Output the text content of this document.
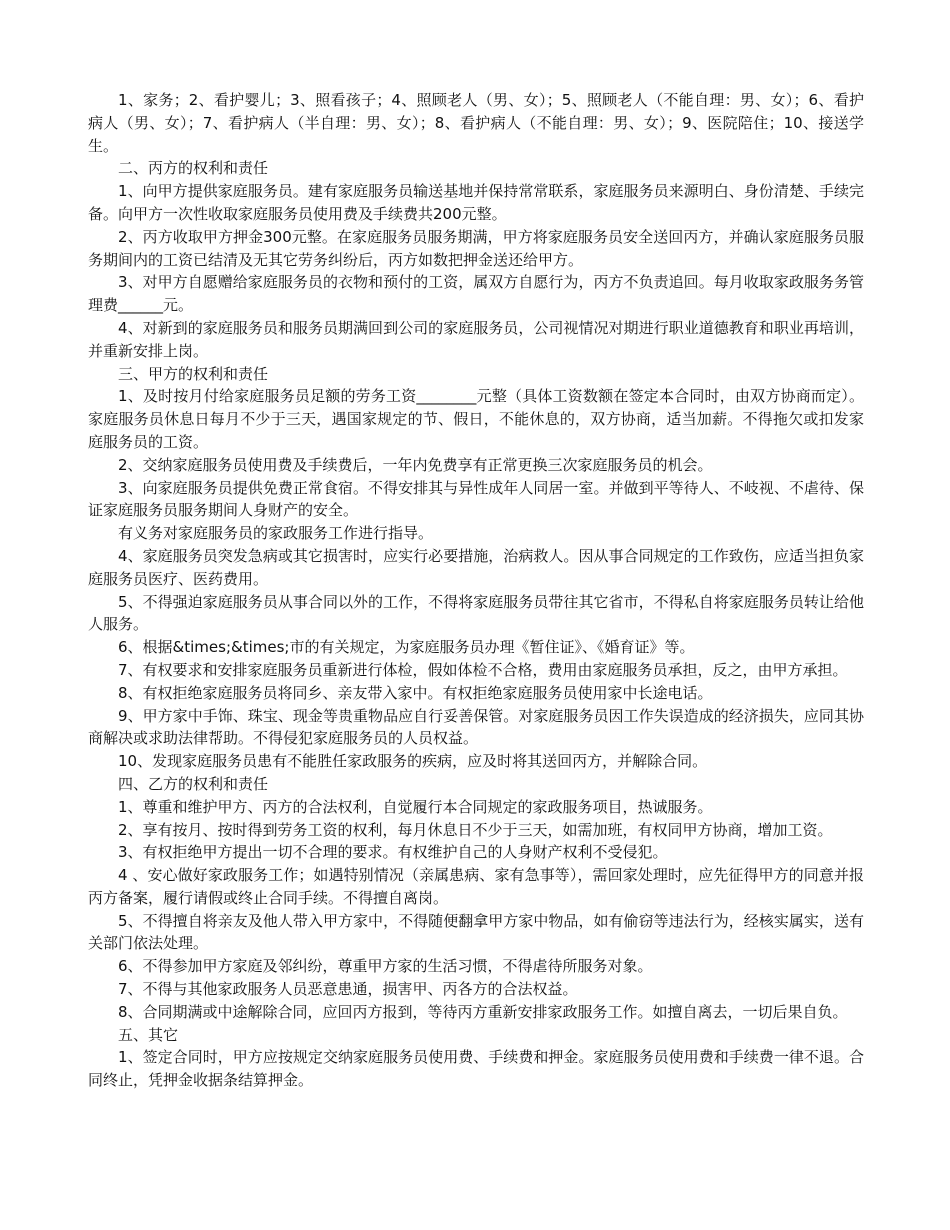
1、家务；2、看护婴儿；3、照看孩子；4、照顾老人（男、女）；5、照顾老人（不能自理：男、女）；6、看护病人（男、女）；7、看护病人（半自理：男、女）；8、看护病人（不能自理：男、女）；9、医院陪住；10、接送学生。

二、丙方的权利和责任

1、向甲方提供家庭服务员。建有家庭服务员输送基地并保持常常联系，家庭服务员来源明白、身份清楚、手续完备。向甲方一次性收取家庭服务员使用费及手续费共200元整。

2、丙方收取甲方押金300元整。在家庭服务员服务期满，甲方将家庭服务员安全送回丙方，并确认家庭服务员服务期间内的工资已结清及无其它劳务纠纷后，丙方如数把押金送还给甲方。

3、对甲方自愿赠给家庭服务员的衣物和预付的工资，属双方自愿行为，丙方不负责追回。每月收取家政服务务管理费______元。

4、对新到的家庭服务员和服务员期满回到公司的家庭服务员，公司视情况对期进行职业道德教育和职业再培训，并重新安排上岗。

三、甲方的权利和责任

1、及时按月付给家庭服务员足额的劳务工资________元整（具体工资数额在签定本合同时，由双方协商而定）。家庭服务员休息日每月不少于三天，遇国家规定的节、假日，不能休息的，双方协商，适当加薪。不得拖欠或扣发家庭服务员的工资。

2、交纳家庭服务员使用费及手续费后，一年内免费享有正常更换三次家庭服务员的机会。

3、向家庭服务员提供免费正常食宿。不得安排其与异性成年人同居一室。并做到平等待人、不岐视、不虐待、保证家庭服务员服务期间人身财产的安全。

有义务对家庭服务员的家政服务工作进行指导。

4、家庭服务员突发急病或其它损害时，应实行必要措施，治病救人。因从事合同规定的工作致伤，应适当担负家庭服务员医疗、医药费用。

5、不得强迫家庭服务员从事合同以外的工作，不得将家庭服务员带往其它省市，不得私自将家庭服务员转让给他人服务。

6、根据&times;&times;市的有关规定，为家庭服务员办理《暂住证》、《婚育证》等。

7、有权要求和安排家庭服务员重新进行体检，假如体检不合格，费用由家庭服务员承担，反之，由甲方承担。

8、有权拒绝家庭服务员将同乡、亲友带入家中。有权拒绝家庭服务员使用家中长途电话。

9、甲方家中手饰、珠宝、现金等贵重物品应自行妥善保管。对家庭服务员因工作失误造成的经济损失，应同其协商解决或求助法律帮助。不得侵犯家庭服务员的人员权益。

10、发现家庭服务员患有不能胜任家政服务的疾病，应及时将其送回丙方，并解除合同。

四、乙方的权利和责任

1、尊重和维护甲方、丙方的合法权利，自觉履行本合同规定的家政服务项目，热诚服务。

2、享有按月、按时得到劳务工资的权利，每月休息日不少于三天，如需加班，有权同甲方协商，增加工资。

3、有权拒绝甲方提出一切不合理的要求。有权维护自己的人身财产权利不受侵犯。

4 、安心做好家政服务工作；如遇特别情况（亲属患病、家有急事等），需回家处理时，应先征得甲方的同意并报丙方备案，履行请假或终止合同手续。不得擅自离岗。

5、不得擅自将亲友及他人带入甲方家中，不得随便翻拿甲方家中物品，如有偷窃等违法行为，经核实属实，送有关部门依法处理。

6、不得参加甲方家庭及邻纠纷，尊重甲方家的生活习惯，不得虐待所服务对象。

7、不得与其他家政服务人员恶意患通，损害甲、丙各方的合法权益。

8、合同期满或中途解除合同，应回丙方报到，等待丙方重新安排家政服务工作。如擅自离去，一切后果自负。

五、其它

1、签定合同时，甲方应按规定交纳家庭服务员使用费、手续费和押金。家庭服务员使用费和手续费一律不退。合同终止，凭押金收据条结算押金。
